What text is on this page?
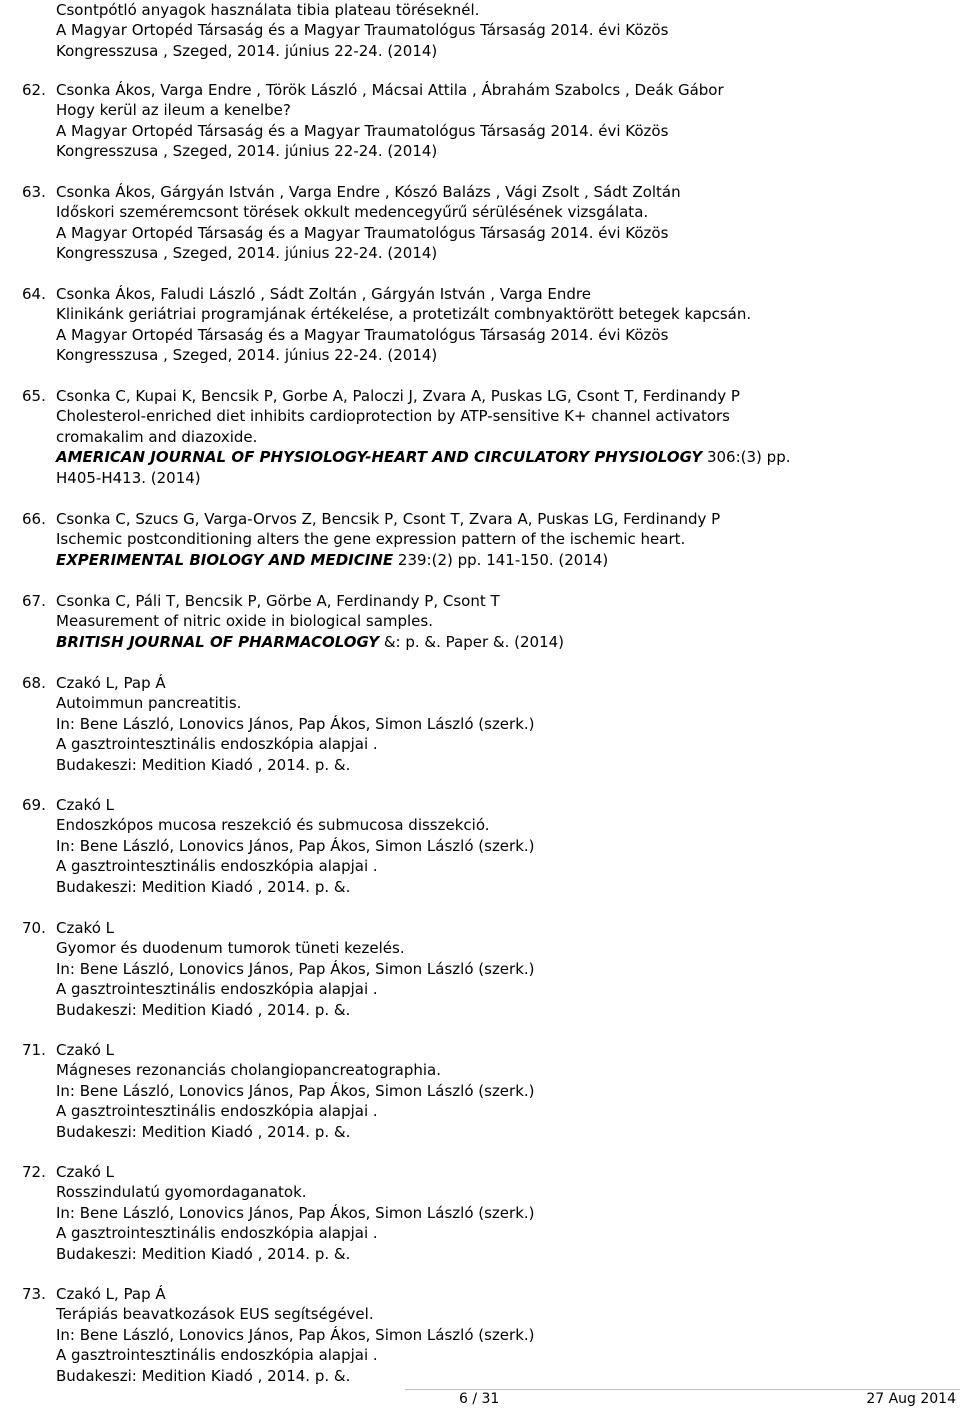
Csontpótló anyagok használata tibia plateau töréseknél.
A Magyar Ortopéd Társaság és a Magyar Traumatológus Társaság 2014. évi Közös
Kongresszusa , Szeged, 2014. június 22-24. (2014)
62. Csonka Ákos, Varga Endre , Török László , Mácsai Attila , Ábrahám Szabolcs , Deák Gábor
Hogy kerül az ileum a kenelbe?
A Magyar Ortopéd Társaság és a Magyar Traumatológus Társaság 2014. évi Közös
Kongresszusa , Szeged, 2014. június 22-24. (2014)
63. Csonka Ákos, Gárgyán István , Varga Endre , Kószó Balázs , Vági Zsolt , Sádt Zoltán
Időskori szeméremcsont törések okkult medencegyűrű sérülésének vizsgálata.
A Magyar Ortopéd Társaság és a Magyar Traumatológus Társaság 2014. évi Közös
Kongresszusa , Szeged, 2014. június 22-24. (2014)
64. Csonka Ákos, Faludi László , Sádt Zoltán , Gárgyán István , Varga Endre
Klinikánk geriátriai programjának értékelése, a protetizált combnyaktörött betegek kapcsán.
A Magyar Ortopéd Társaság és a Magyar Traumatológus Társaság 2014. évi Közös
Kongresszusa , Szeged, 2014. június 22-24. (2014)
65. Csonka C, Kupai K, Bencsik P, Gorbe A, Paloczi J, Zvara A, Puskas LG, Csont T, Ferdinandy P
Cholesterol-enriched diet inhibits cardioprotection by ATP-sensitive K+ channel activators
cromakalim and diazoxide.
AMERICAN JOURNAL OF PHYSIOLOGY-HEART AND CIRCULATORY PHYSIOLOGY 306:(3) pp.
H405-H413. (2014)
66. Csonka C, Szucs G, Varga-Orvos Z, Bencsik P, Csont T, Zvara A, Puskas LG, Ferdinandy P
Ischemic postconditioning alters the gene expression pattern of the ischemic heart.
EXPERIMENTAL BIOLOGY AND MEDICINE 239:(2) pp. 141-150. (2014)
67. Csonka C, Páli T, Bencsik P, Görbe A, Ferdinandy P, Csont T
Measurement of nitric oxide in biological samples.
BRITISH JOURNAL OF PHARMACOLOGY &: p. &. Paper &. (2014)
68. Czakó L, Pap Á
Autoimmun pancreatitis.
In: Bene László, Lonovics János, Pap Ákos, Simon László (szerk.)
A gasztrointesztinális endoszkópia alapjai .
Budakeszi: Medition Kiadó , 2014. p. &.
69. Czakó L
Endoszkópos mucosa reszekció és submucosa disszekció.
In: Bene László, Lonovics János, Pap Ákos, Simon László (szerk.)
A gasztrointesztinális endoszkópia alapjai .
Budakeszi: Medition Kiadó , 2014. p. &.
70. Czakó L
Gyomor és duodenum tumorok tüneti kezelés.
In: Bene László, Lonovics János, Pap Ákos, Simon László (szerk.)
A gasztrointesztinális endoszkópia alapjai .
Budakeszi: Medition Kiadó , 2014. p. &.
71. Czakó L
Mágneses rezonanciás cholangiopancreatographia.
In: Bene László, Lonovics János, Pap Ákos, Simon László (szerk.)
A gasztrointesztinális endoszkópia alapjai .
Budakeszi: Medition Kiadó , 2014. p. &.
72. Czakó L
Rosszindulatú gyomordaganatok.
In: Bene László, Lonovics János, Pap Ákos, Simon László (szerk.)
A gasztrointesztinális endoszkópia alapjai .
Budakeszi: Medition Kiadó , 2014. p. &.
73. Czakó L, Pap Á
Terápiás beavatkozások EUS segítségével.
In: Bene László, Lonovics János, Pap Ákos, Simon László (szerk.)
A gasztrointesztinális endoszkópia alapjai .
Budakeszi: Medition Kiadó , 2014. p. &.
6 / 31	27 Aug 2014
